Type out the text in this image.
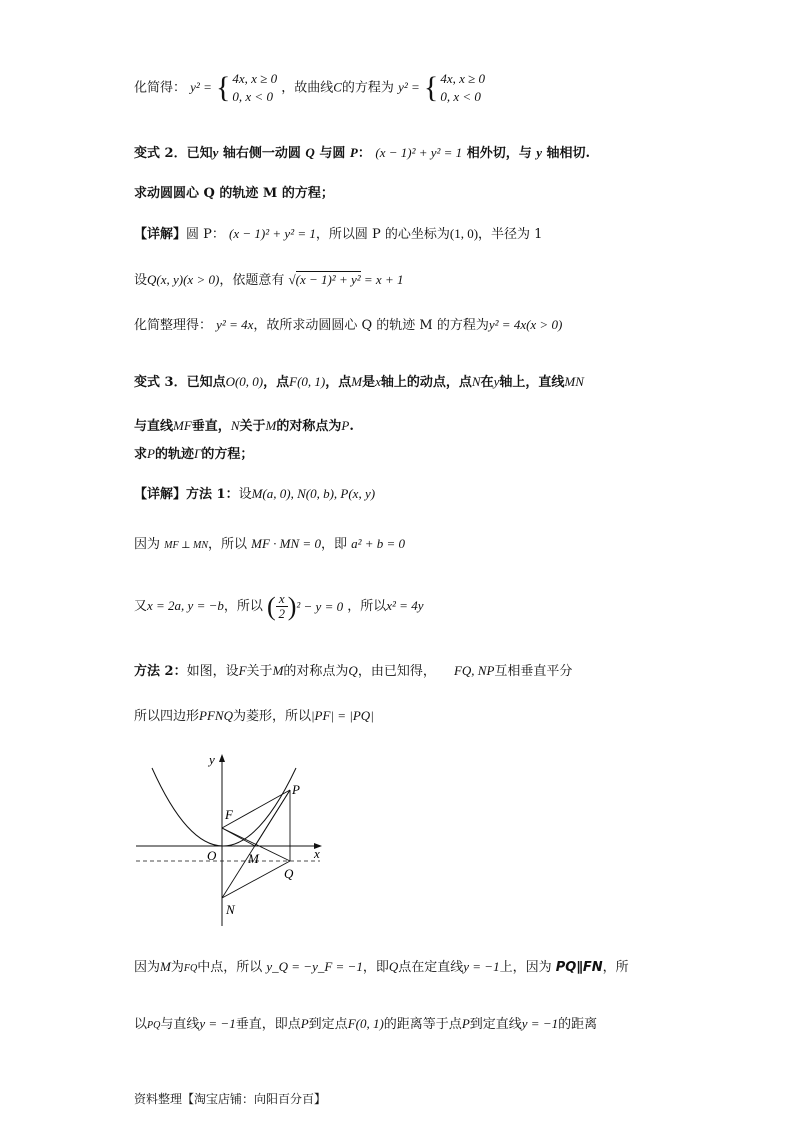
化简得： y² = { 4x, x ≥ 0
0, x < 0
，故曲线C的方程为 y² = { 4x, x ≥ 0
0, x < 0
变式 2．已知y 轴右侧一动圆 Q 与圆 P： (x − 1)² + y² = 1 相外切，与 y 轴相切.
求动圆圆心 Q 的轨迹 M 的方程；
【详解】圆 P： (x − 1)² + y² = 1，所以圆 P 的心坐标为(1, 0)，半径为 1
设Q(x, y)(x > 0)，依题意有 √(x − 1)² + y² = x + 1
化简整理得： y² = 4x，故所求动圆圆心 Q 的轨迹 M 的方程为y² = 4x(x > 0)
变式 3．已知点O(0, 0)，点F(0, 1)，点M是x轴上的动点，点N在y轴上，直线MN
与直线MF垂直，N关于M的对称点为P.
求P的轨迹Γ的方程；
【详解】方法 1：设M(a, 0), N(0, b), P(x, y)
因为 MF ⊥ MN，所以 MF · MN = 0，即 a² + b = 0
又x = 2a, y = −b，所以 ( x
2 ) ² − y = 0 ，所以x² = 4y
方法 2：如图，设F关于M的对称点为Q，由已知得， FQ, NP互相垂直平分
所以四边形PFNQ为菱形，所以|PF| = |PQ|
y
x
O
F
M
P
Q
N
因为M为FQ中点，所以 y_Q = −y_F = −1，即Q点在定直线y = −1上，因为 PQ∥FN，所
以PQ与直线y = −1垂直，即点P到定点F(0, 1)的距离等于点P到定直线y = −1的距离
资料整理【淘宝店铺：向阳百分百】
